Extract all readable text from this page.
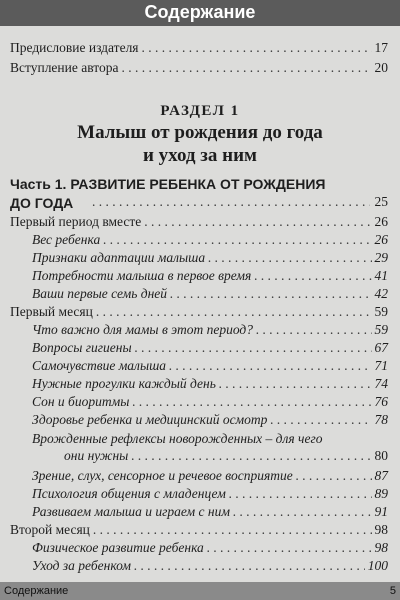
Содержание
Предисловие издателя . . .	17
Вступление автора . . .	20
РАЗДЕЛ 1
Малыш от рождения до года
и уход за ним
Часть 1. РАЗВИТИЕ РЕБЕНКА ОТ РОЖДЕНИЯ
ДО ГОДА . . .	25
Первый период вместе . . .	26
Вес ребенка . . .	26
Признаки адаптации малыша . . .	29
Потребности малыша в первое время . . .	41
Ваши первые семь дней . . .	42
Первый месяц . . .	59
Что важно для мамы в этот период? . . .	59
Вопросы гигиены . . .	67
Самочувствие малыша . . .	71
Нужные прогулки каждый день . . .	74
Сон и биоритмы . . .	76
Здоровье ребенка и медицинский осмотр . . .	78
Врожденные рефлексы новорожденных – для чего
они нужны . . .	80
Зрение, слух, сенсорное и речевое восприятие . . .	87
Психология общения с младенцем . . .	89
Развиваем малыша и играем с ним . . .	91
Второй месяц . . .	98
Физическое развитие ребенка . . .	98
Уход за ребенком . . .	100
Содержание	5
